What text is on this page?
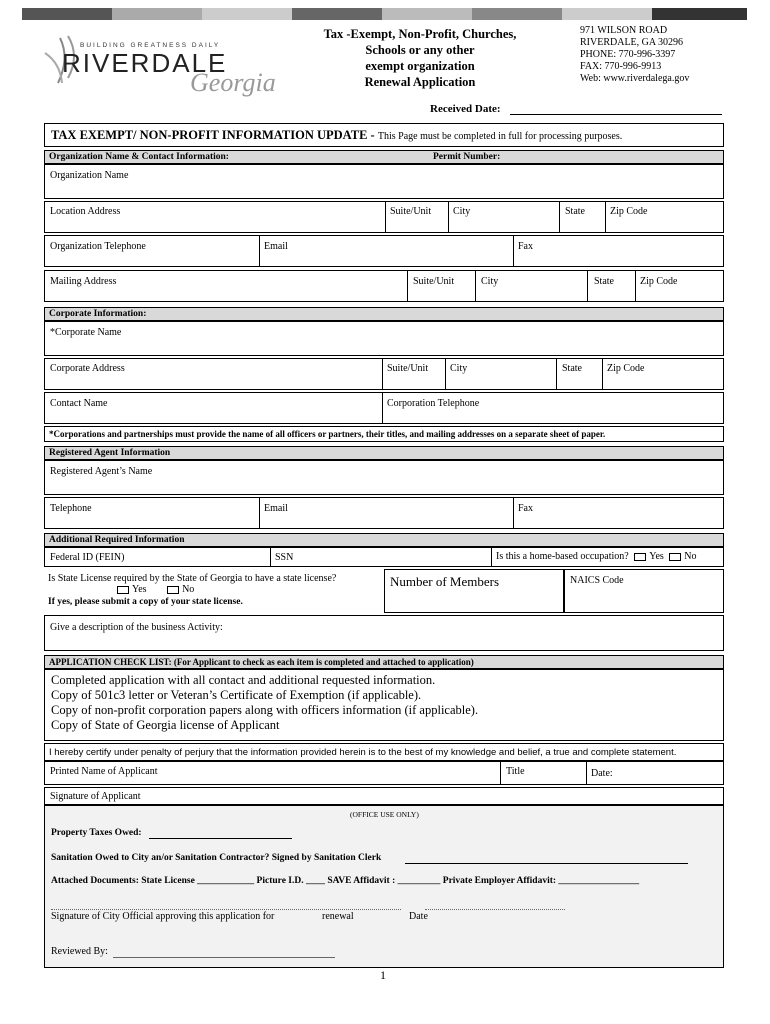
BUILDING GREATNESS DAILY
RIVERDALE
Georgia
Tax -Exempt, Non-Profit, Churches,
Schools or any other
exempt organization
Renewal Application
971 WILSON ROAD
RIVERDALE, GA 30296
PHONE: 770-996-3397
FAX: 770-996-9913
Web: www.riverdalega.gov
Received Date:
TAX EXEMPT/ NON-PROFIT INFORMATION UPDATE - This Page must be completed in full for processing purposes.
Organization Name & Contact Information:	Permit Number:
Organization Name
Location Address	Suite/Unit City	State	Zip Code
Organization Telephone	Email	Fax
Mailing Address	Suite/Unit	City	State	Zip Code
Corporate Information:
*Corporate Name
Corporate Address	Suite/Unit City	State	Zip Code
Contact Name	Corporation Telephone
*Corporations and partnerships must provide the name of all officers or partners, their titles, and mailing addresses on a separate sheet of paper.
Registered Agent Information
Registered Agent’s Name
Telephone	Email	Fax
Additional Required Information
Federal ID (FEIN)	SSN	Is this a home-based occupation? Yes No
Is State License required by the State of Georgia to have a state license?
Yes	No
If yes, please submit a copy of your state license.
Number of Members	NAICS Code
Give a description of the business Activity:
APPLICATION CHECK LIST: (For Applicant to check as each item is completed and attached to application)
Completed application with all contact and additional requested information.
Copy of 501c3 letter or Veteran’s Certificate of Exemption (if applicable).
Copy of non-profit corporation papers along with officers information (if applicable).
Copy of State of Georgia license of Applicant
I hereby certify under penalty of perjury that the information provided herein is to the best of my knowledge and belief, a true and complete statement.
Printed Name of Applicant	Title	Date:
Signature of Applicant
(OFFICE USE ONLY)
Property Taxes Owed:
Sanitation Owed to City an/or Sanitation Contractor? Signed by Sanitation Clerk
Attached Documents: State License ____________ Picture I.D. ____ SAVE Affidavit : _________ Private Employer Affidavit: _________________
Signature of City Official approving this application for	renewal	Date
Reviewed By:
1
